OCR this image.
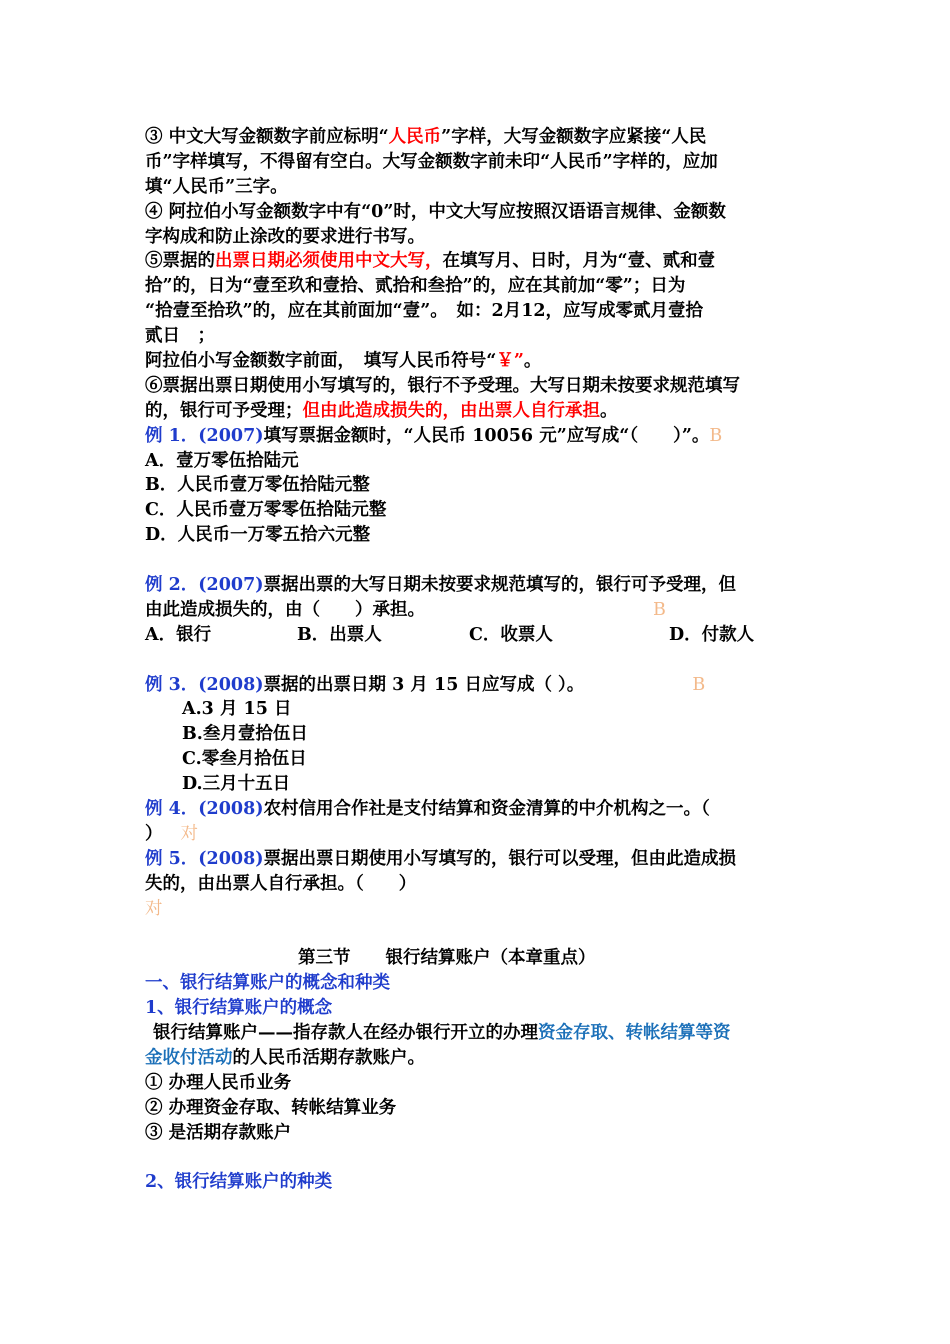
③ 中文大写金额数字前应标明“人民币”字样，大写金额数字应紧接“人民
币”字样填写，不得留有空白。大写金额数字前未印“人民币”字样的，应加
填“人民币”三字。
④ 阿拉伯小写金额数字中有“0”时，中文大写应按照汉语语言规律、金额数
字构成和防止涂改的要求进行书写。
⑤票据的出票日期必须使用中文大写，在填写月、日时，月为“壹、贰和壹
拾”的，日为“壹至玖和壹拾、贰拾和叁拾”的，应在其前加“零”；日为
“拾壹至拾玖”的，应在其前面加“壹”。　如：2月12，应写成零贰月壹拾
贰日　；
阿拉伯小写金额数字前面，　填写人民币符号“￥”。
⑥票据出票日期使用小写填写的，银行不予受理。大写日期未按要求规范填写
的，银行可予受理；但由此造成损失的，由出票人自行承担。
例 1．(2007)填写票据金额时，“人民币 10056 元”应写成“（　　）”。B
A．壹万零伍拾陆元
B．人民币壹万零伍拾陆元整
C．人民币壹万零零伍拾陆元整
D．人民币一万零五拾六元整
例 2．(2007)票据出票的大写日期未按要求规范填写的，银行可予受理，但
由此造成损失的，由（　　）承担。	B
A．银行	B．出票人	C．收票人	D．付款人
例 3．(2008)票据的出票日期 3 月 15 日应写成（ ）。	B
A.3 月 15 日
B.叁月壹拾伍日
C.零叁月拾伍日
D.三月十五日
例 4．(2008)农村信用合作社是支付结算和资金清算的中介机构之一。（
） 对
例 5．(2008)票据出票日期使用小写填写的，银行可以受理，但由此造成损
失的，由出票人自行承担。（　　）
对
第三节　　银行结算账户（本章重点）
一、银行结算账户的概念和种类
1、银行结算账户的概念
银行结算账户——指存款人在经办银行开立的办理资金存取、转帐结算等资
金收付活动的人民币活期存款账户。
① 办理人民币业务
② 办理资金存取、转帐结算业务
③ 是活期存款账户
2、银行结算账户的种类
